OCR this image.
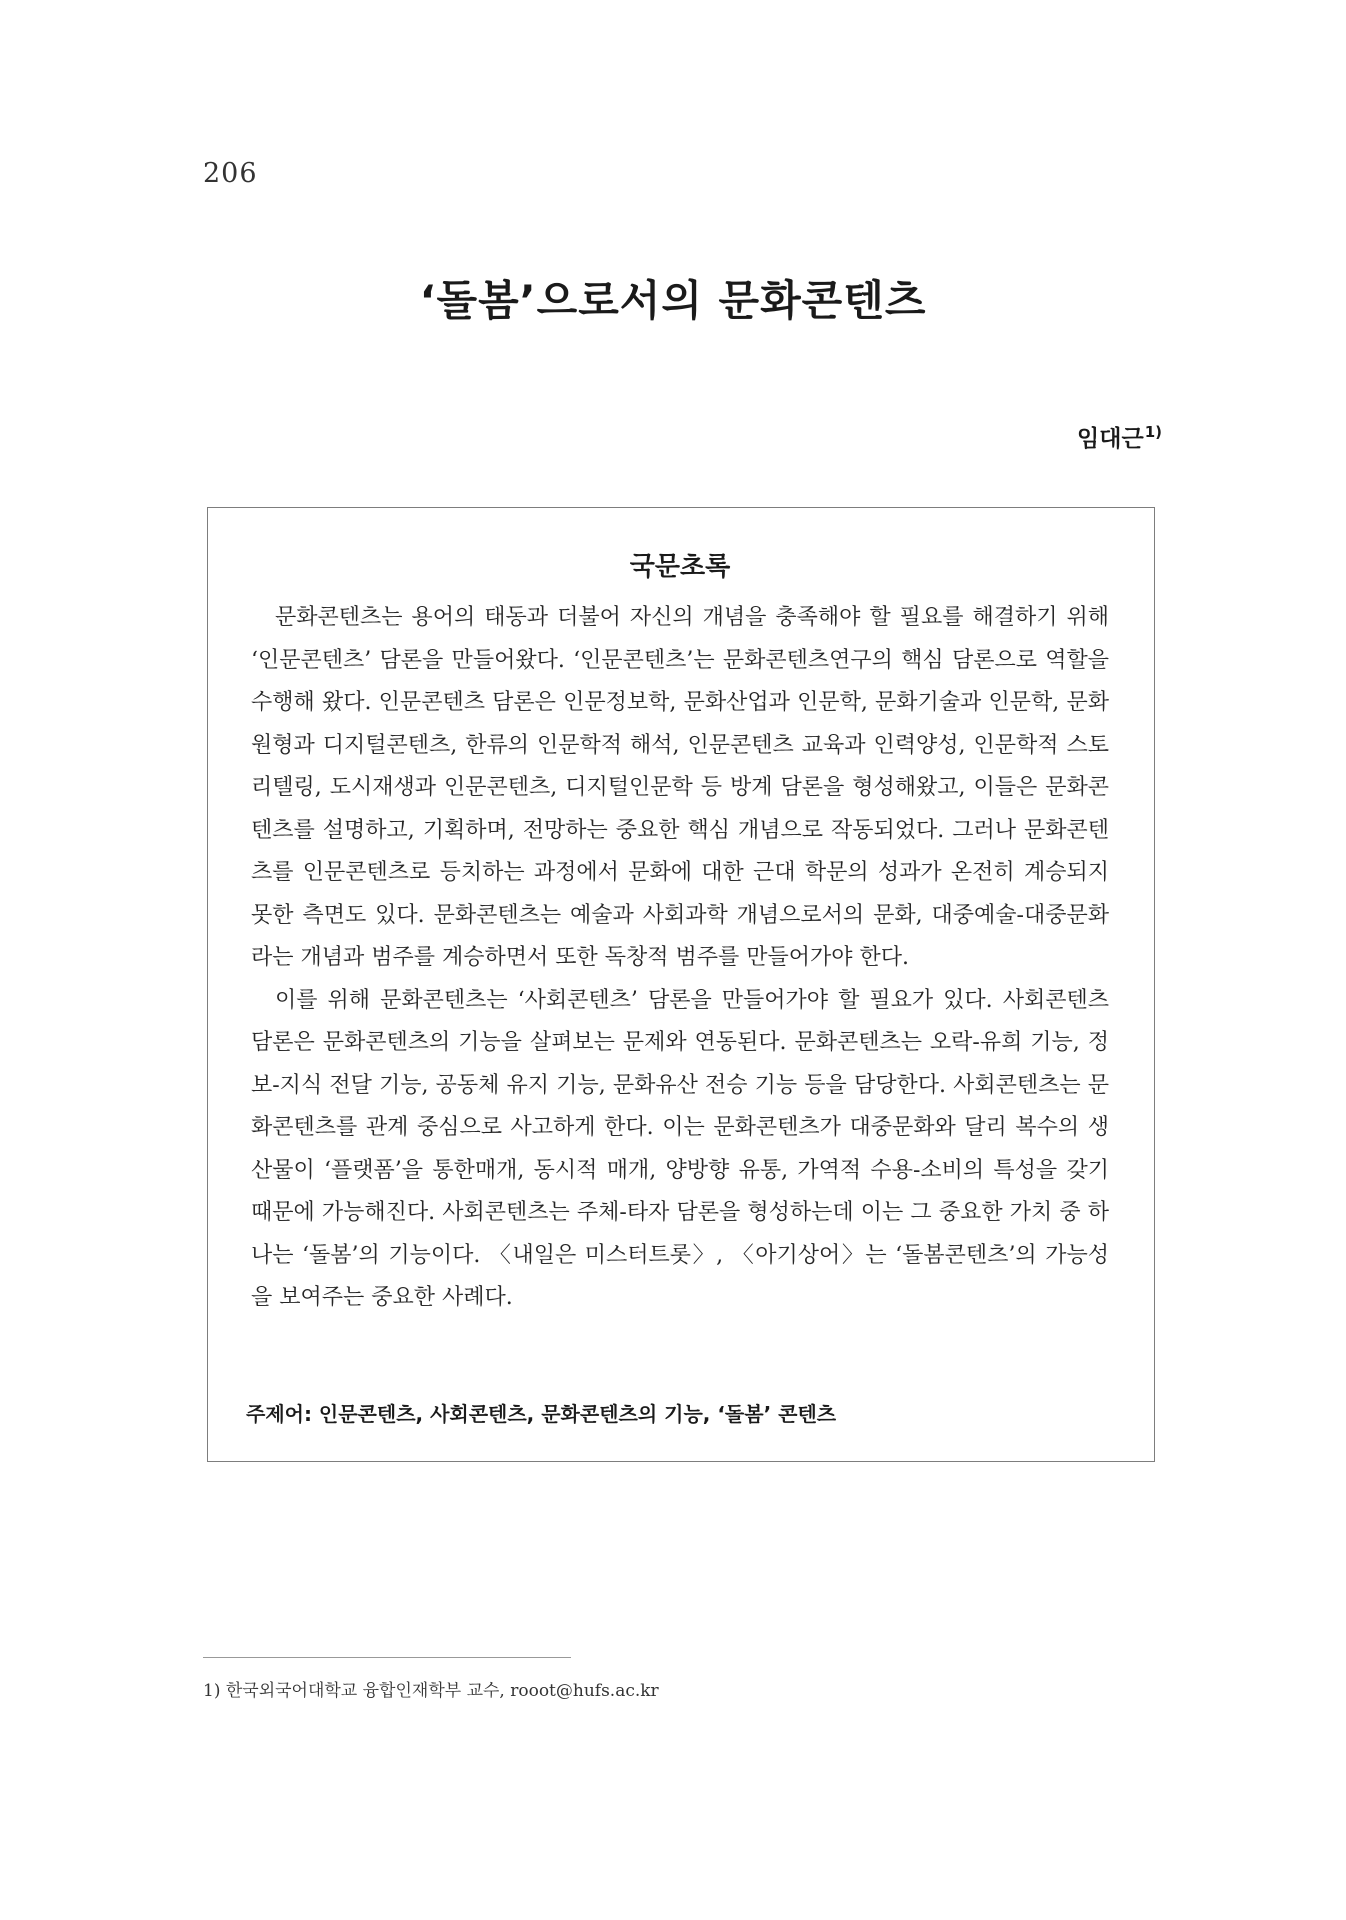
206
‘돌봄’으로서의 문화콘텐츠
임대근$^{1)}$
국문초록

문화콘텐츠는 용어의 태동과 더불어 자신의 개념을 충족해야 할 필요를 해결하기 위해 ‘인문콘텐츠’ 담론을 만들어왔다. ‘인문콘텐츠’는 문화콘텐츠연구의 핵심 담론으로 역할을 수행해 왔다. 인문콘텐츠 담론은 인문정보학, 문화산업과 인문학, 문화기술과 인문학, 문화원형과 디지털콘텐츠, 한류의 인문학적 해석, 인문콘텐츠 교육과 인력양성, 인문학적 스토리텔링, 도시재생과 인문콘텐츠, 디지털인문학 등 방계 담론을 형성해왔고, 이들은 문화콘텐츠를 설명하고, 기획하며, 전망하는 중요한 핵심 개념으로 작동되었다. 그러나 문화콘텐츠를 인문콘텐츠로 등치하는 과정에서 문화에 대한 근대 학문의 성과가 온전히 계승되지 못한 측면도 있다. 문화콘텐츠는 예술과 사회과학 개념으로서의 문화, 대중예술-대중문화라는 개념과 범주를 계승하면서 또한 독창적 범주를 만들어가야 한다.

이를 위해 문화콘텐츠는 ‘사회콘텐츠’ 담론을 만들어가야 할 필요가 있다. 사회콘텐츠 담론은 문화콘텐츠의 기능을 살펴보는 문제와 연동된다. 문화콘텐츠는 오락-유희 기능, 정보-지식 전달 기능, 공동체 유지 기능, 문화유산 전승 기능 등을 담당한다. 사회콘텐츠는 문화콘텐츠를 관계 중심으로 사고하게 한다. 이는 문화콘텐츠가 대중문화와 달리 복수의 생산물이 ‘플랫폼’을 통한매개, 동시적 매개, 양방향 유통, 가역적 수용-소비의 특성을 갖기 때문에 가능해진다. 사회콘텐츠는 주체-타자 담론을 형성하는데 이는 그 중요한 가치 중 하나는 ‘돌봄’의 기능이다. 〈내일은 미스터트롯〉, 〈아기상어〉는 ‘돌봄콘텐츠’의 가능성을 보여주는 중요한 사례다.

주제어: 인문콘텐츠, 사회콘텐츠, 문화콘텐츠의 기능, ‘돌봄’ 콘텐츠
1) 한국외국어대학교 융합인재학부 교수, rooot@hufs.ac.kr
